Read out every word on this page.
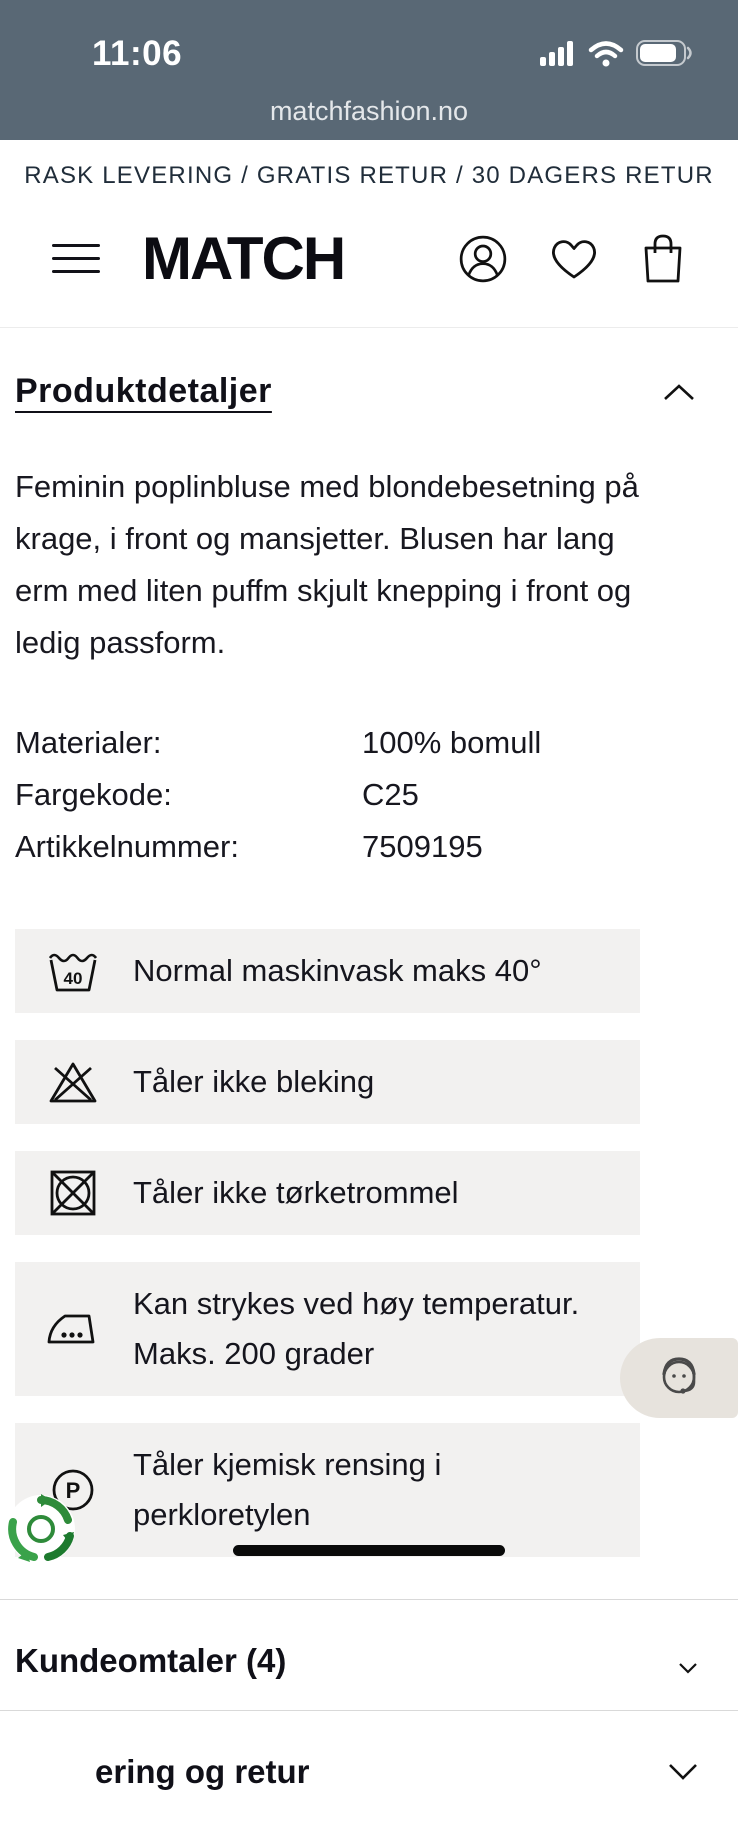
11:06
matchfashion.no
RASK LEVERING / GRATIS RETUR / 30 DAGERS RETUR
MATCH
Produktdetaljer

Feminin poplinbluse med blondebesetning på krage, i front og mansjetter. Blusen har lang erm med liten puffm skjult knepping i front og ledig passform.

Materialer:	100% bomull
Fargekode:	C25
Artikkelnummer:	7509195
40 Normal maskinvask maks 40°
Tåler ikke bleking
Tåler ikke tørketrommel
Kan strykes ved høy temperatur. Maks. 200 grader
P
Tåler kjemisk rensing i perkloretylen
Kundeomtaler (4)
ering og retur
